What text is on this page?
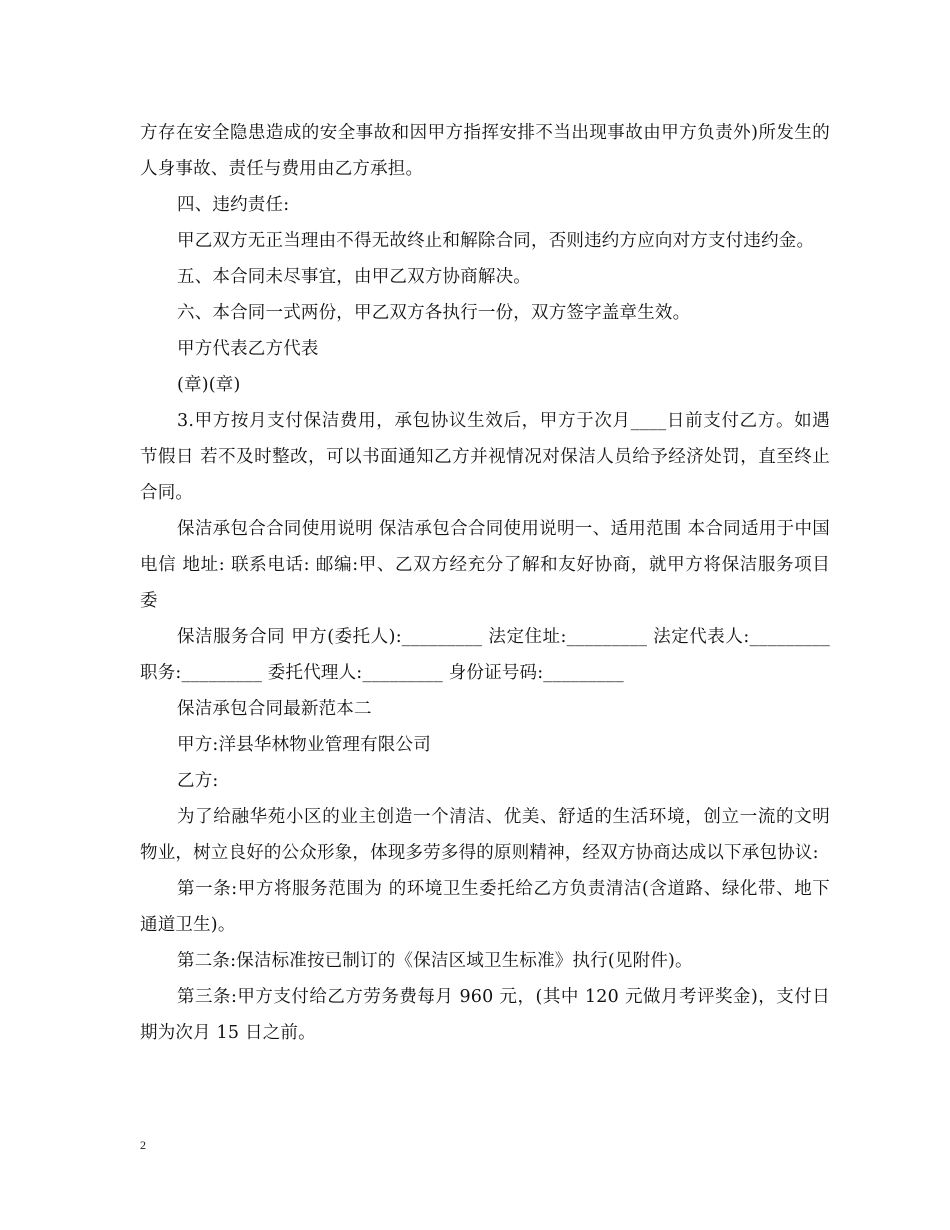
方存在安全隐患造成的安全事故和因甲方指挥安排不当出现事故由甲方负责外)所发生的人身事故、责任与费用由乙方承担。

四、违约责任:

甲乙双方无正当理由不得无故终止和解除合同，否则违约方应向对方支付违约金。

五、本合同未尽事宜，由甲乙双方协商解决。

六、本合同一式两份，甲乙双方各执行一份，双方签字盖章生效。

甲方代表乙方代表

(章)(章)

3.甲方按月支付保洁费用，承包协议生效后，甲方于次月____日前支付乙方。如遇节假日 若不及时整改，可以书面通知乙方并视情况对保洁人员给予经济处罚，直至终止合同。

保洁承包合合同使用说明 保洁承包合合同使用说明一、适用范围 本合同适用于中国电信 地址: 联系电话: 邮编:甲、乙双方经充分了解和友好协商，就甲方将保洁服务项目 委

保洁服务合同 甲方(委托人):_________ 法定住址:_________ 法定代表人:_________ 职务:_________ 委托代理人:_________ 身份证号码:_________

保洁承包合同最新范本二

甲方:洋县华林物业管理有限公司

乙方:

为了给融华苑小区的业主创造一个清洁、优美、舒适的生活环境，创立一流的文明物业，树立良好的公众形象，体现多劳多得的原则精神，经双方协商达成以下承包协议:

第一条:甲方将服务范围为 的环境卫生委托给乙方负责清洁(含道路、绿化带、地下通道卫生)。

第二条:保洁标准按已制订的《保洁区域卫生标准》执行(见附件)。

第三条:甲方支付给乙方劳务费每月 960 元，(其中 120 元做月考评奖金)，支付日期为次月 15 日之前。

2
